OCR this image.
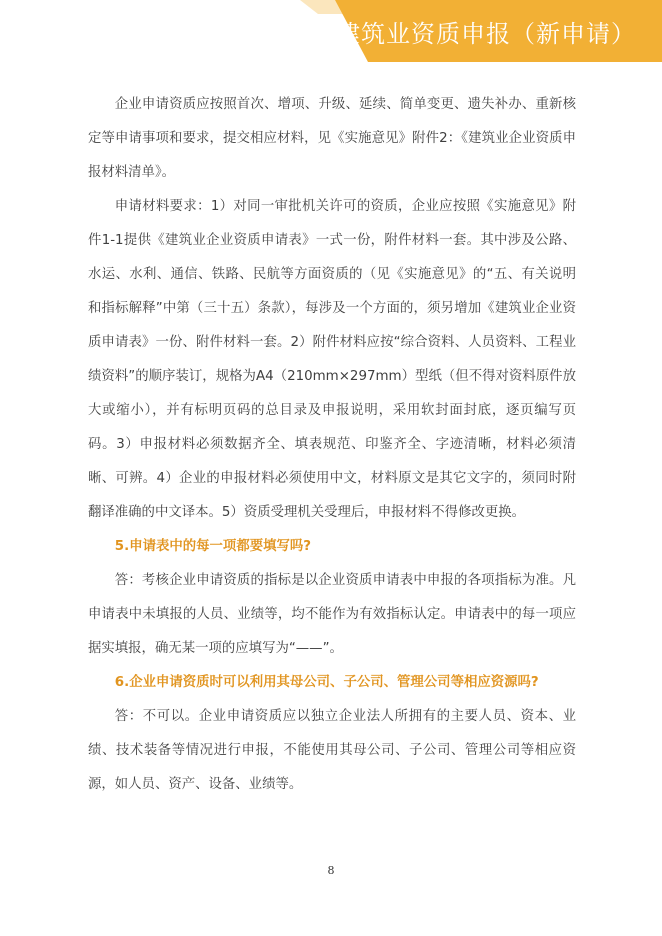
建筑业资质申报（新申请）

企业申请资质应按照首次、增项、升级、延续、简单变更、遗失补办、重新核定等申请事项和要求，提交相应材料，见《实施意见》附件2：《建筑业企业资质申报材料清单》。

申请材料要求：1）对同一审批机关许可的资质，企业应按照《实施意见》附件1-1提供《建筑业企业资质申请表》一式一份，附件材料一套。其中涉及公路、水运、水利、通信、铁路、民航等方面资质的（见《实施意见》的“五、有关说明和指标解释”中第（三十五）条款），每涉及一个方面的，须另增加《建筑业企业资质申请表》一份、附件材料一套。2）附件材料应按“综合资料、人员资料、工程业绩资料”的顺序装订，规格为A4（210mm×297mm）型纸（但不得对资料原件放大或缩小），并有标明页码的总目录及申报说明，采用软封面封底，逐页编写页码。3）申报材料必须数据齐全、填表规范、印鉴齐全、字迹清晰，材料必须清晰、可辨。4）企业的申报材料必须使用中文，材料原文是其它文字的，须同时附翻译准确的中文译本。5）资质受理机关受理后，申报材料不得修改更换。

5.申请表中的每一项都要填写吗?

答：考核企业申请资质的指标是以企业资质申请表中申报的各项指标为准。凡申请表中未填报的人员、业绩等，均不能作为有效指标认定。申请表中的每一项应据实填报，确无某一项的应填写为“——”。

6.企业申请资质时可以利用其母公司、子公司、管理公司等相应资源吗?

答：不可以。企业申请资质应以独立企业法人所拥有的主要人员、资本、业绩、技术装备等情况进行申报，不能使用其母公司、子公司、管理公司等相应资源，如人员、资产、设备、业绩等。

8
